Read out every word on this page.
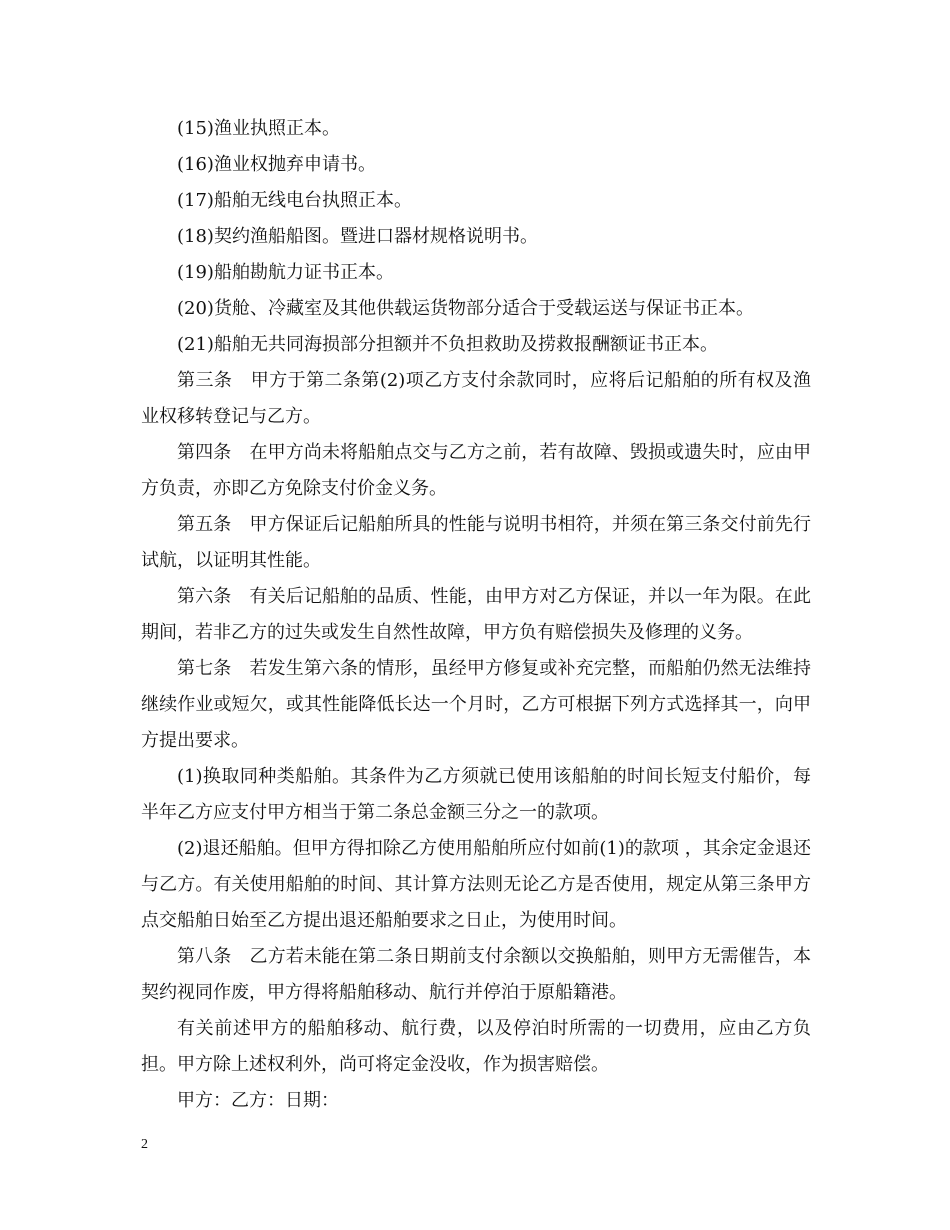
(15)渔业执照正本。

(16)渔业权抛弃申请书。

(17)船舶无线电台执照正本。

(18)契约渔船船图。暨进口器材规格说明书。

(19)船舶勘航力证书正本。

(20)货舱、冷藏室及其他供载运货物部分适合于受载运送与保证书正本。

(21)船舶无共同海损部分担额并不负担救助及捞救报酬额证书正本。

第三条　甲方于第二条第(2)项乙方支付余款同时，应将后记船舶的所有权及渔业权移转登记与乙方。

第四条　在甲方尚未将船舶点交与乙方之前，若有故障、毁损或遗失时，应由甲方负责，亦即乙方免除支付价金义务。

第五条　甲方保证后记船舶所具的性能与说明书相符，并须在第三条交付前先行试航，以证明其性能。

第六条　有关后记船舶的品质、性能，由甲方对乙方保证，并以一年为限。在此期间，若非乙方的过失或发生自然性故障，甲方负有赔偿损失及修理的义务。

第七条　若发生第六条的情形，虽经甲方修复或补充完整，而船舶仍然无法维持继续作业或短欠，或其性能降低长达一个月时，乙方可根据下列方式选择其一，向甲方提出要求。

(1)换取同种类船舶。其条件为乙方须就已使用该船舶的时间长短支付船价，每半年乙方应支付甲方相当于第二条总金额三分之一的款项。

(2)退还船舶。但甲方得扣除乙方使用船舶所应付如前(1)的款项 ，其余定金退还与乙方。有关使用船舶的时间、其计算方法则无论乙方是否使用，规定从第三条甲方点交船舶日始至乙方提出退还船舶要求之日止，为使用时间。

第八条　乙方若未能在第二条日期前支付余额以交换船舶，则甲方无需催告，本契约视同作废，甲方得将船舶移动、航行并停泊于原船籍港。

有关前述甲方的船舶移动、航行费，以及停泊时所需的一切费用，应由乙方负担。甲方除上述权利外，尚可将定金没收，作为损害赔偿。

甲方：乙方：日期：

2
